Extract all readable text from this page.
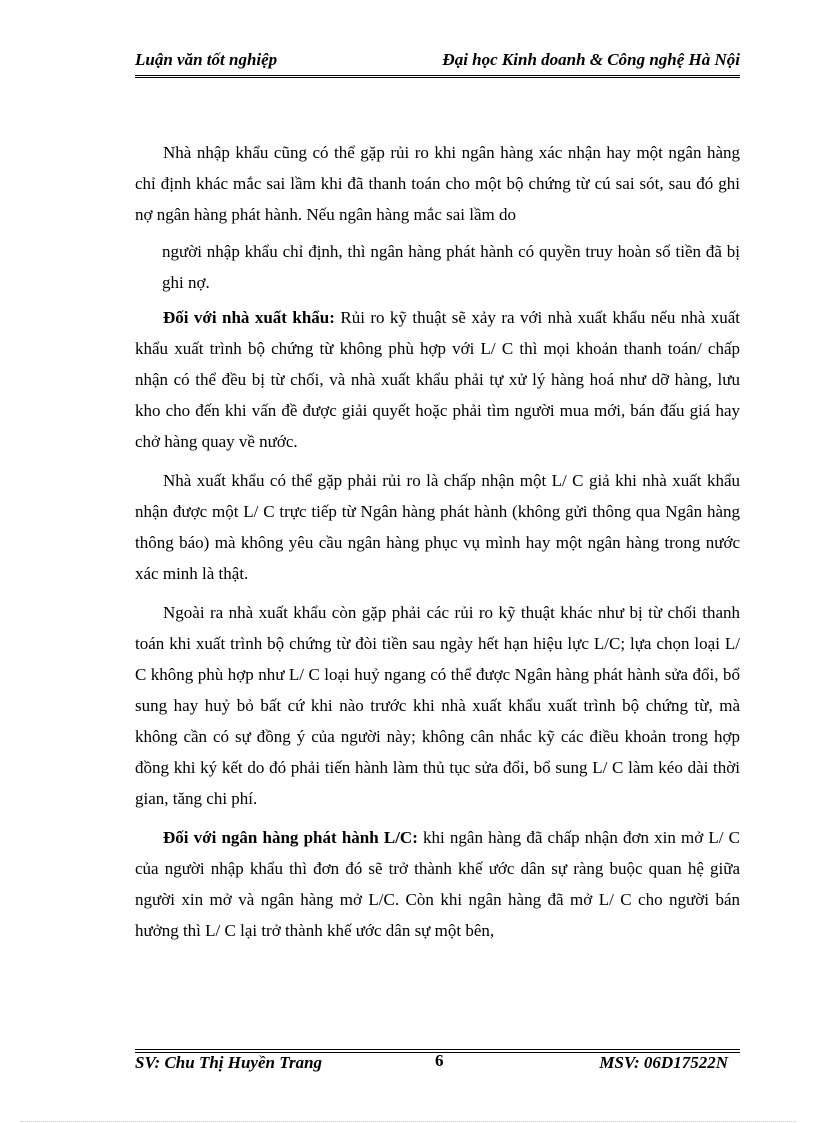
Luận văn tốt nghiệp	Đại học Kinh doanh & Công nghệ Hà Nội

Nhà nhập khẩu cũng có thể gặp rủi ro khi ngân hàng xác nhận hay một ngân hàng chỉ định khác mắc sai lầm khi đã thanh toán cho một bộ chứng từ cú sai sót, sau đó ghi nợ ngân hàng phát hành. Nếu ngân hàng mắc sai lầm do

người nhập khẩu chỉ định, thì ngân hàng phát hành có quyền truy hoàn số tiền đã bị ghi nợ.

Đối với nhà xuất khẩu: Rủi ro kỹ thuật sẽ xảy ra với nhà xuất khẩu nếu nhà xuất khẩu xuất trình bộ chứng từ không phù hợp với L/ C thì mọi khoản thanh toán/ chấp nhận có thể đều bị từ chối, và nhà xuất khẩu phải tự xử lý hàng hoá như dỡ hàng, lưu kho cho đến khi vấn đề được giải quyết hoặc phải tìm người mua mới, bán đấu giá hay chở hàng quay về nước.

Nhà xuất khẩu có thể gặp phải rủi ro là chấp nhận một L/ C giả khi nhà xuất khẩu nhận được một L/ C trực tiếp từ Ngân hàng phát hành (không gửi thông qua Ngân hàng thông báo) mà không yêu cầu ngân hàng phục vụ mình hay một ngân hàng trong nước xác minh là thật.

Ngoài ra nhà xuất khẩu còn gặp phải các rủi ro kỹ thuật khác như bị từ chối thanh toán khi xuất trình bộ chứng từ đòi tiền sau ngày hết hạn hiệu lực L/C; lựa chọn loại L/ C không phù hợp như L/ C loại huỷ ngang có thể được Ngân hàng phát hành sửa đổi, bổ sung hay huỷ bỏ bất cứ khi nào trước khi nhà xuất khẩu xuất trình bộ chứng từ, mà không cần có sự đồng ý của người này; không cân nhắc kỹ các điều khoản trong hợp đồng khi ký kết do đó phải tiến hành làm thủ tục sửa đổi, bổ sung L/ C làm kéo dài thời gian, tăng chi phí.

Đối với ngân hàng phát hành L/C: khi ngân hàng đã chấp nhận đơn xin mở L/ C của người nhập khẩu thì đơn đó sẽ trở thành khế ước dân sự ràng buộc quan hệ giữa người xin mở và ngân hàng mở L/C. Còn khi ngân hàng đã mở L/ C cho người bán hưởng thì L/ C lại trở thành khế ước dân sự một bên,

SV: Chu Thị Huyền Trang	6	MSV: 06D17522N
